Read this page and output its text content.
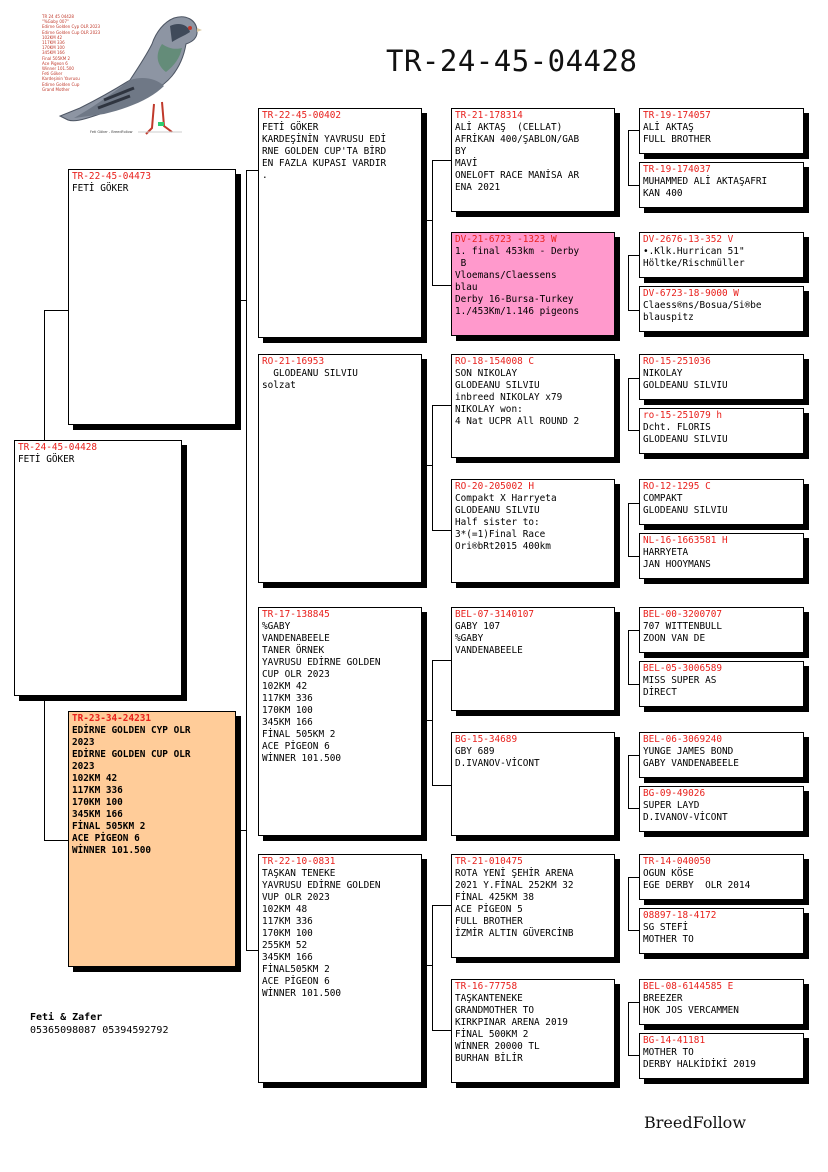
TR-24-45-04428
TR 24 45 04428
"%Gaby 007"
Edirne Golden Cyp OLR 2023
Edirne Golden Cup OLR 2023
102KM 42
117KM 336
170KM 100
345KM 166
Final 505KM 2
Ace Pigeon 6
Winner 101.500
Feti Göker
Kardeşinin Yavrusu
Edirne Golden Cup
Grand Mother
Feti Göker - BreedFollow
TR-24-45-04428
FETİ GÖKER
TR-22-45-04473
FETİ GÖKER
TR-23-34-24231
EDİRNE GOLDEN CYP OLR
2023
EDİRNE GOLDEN CUP OLR
2023
102KM 42
117KM 336
170KM 100
345KM 166
FİNAL 505KM 2
ACE PİGEON 6
WİNNER 101.500
TR-22-45-00402
FETİ GÖKER
KARDEŞİNİN YAVRUSU EDİ
RNE GOLDEN CUP'TA BİRD
EN FAZLA KUPASI VARDIR
.
RO-21-16953
GLODEANU SILVIU
solzat
TR-17-138845
%GABY
VANDENABEELE
TANER ÖRNEK
YAVRUSU EDİRNE GOLDEN
CUP OLR 2023
102KM 42
117KM 336
170KM 100
345KM 166
FİNAL 505KM 2
ACE PİGEON 6
WİNNER 101.500
TR-22-10-0831
TAŞKAN TENEKE
YAVRUSU EDİRNE GOLDEN
VUP OLR 2023
102KM 48
117KM 336
170KM 100
255KM 52
345KM 166
FİNAL505KM 2
ACE PİGEON 6
WİNNER 101.500
TR-21-178314
ALİ AKTAŞ  (CELLAT)
AFRİKAN 400/ŞABLON/GAB
BY
MAVİ
ONELOFT RACE MANİSA AR
ENA 2021
DV-21-6723 -1323 W
1. final 453km - Derby
B
Vloemans/Claessens
blau
Derby 16-Bursa-Turkey
1./453Km/1.146 pigeons
RO-18-154008 C
SON NIKOLAY
GLODEANU SILVIU
inbreed NIKOLAY x79
NIKOLAY won:
4 Nat UCPR All ROUND 2
RO-20-205002 H
Compakt X Harryeta
GLODEANU SILVIU
Half sister to:
3*(=1)Final Race
Ori®bRt2015 400km
BEL-07-3140107
GABY 107
%GABY
VANDENABEELE
BG-15-34689
GBY 689
D.IVANOV-VİCONT
TR-21-010475
ROTA YENİ ŞEHİR ARENA
2021 Y.FİNAL 252KM 32
FİNAL 425KM 38
ACE PİGEON 5
FULL BROTHER
İZMİR ALTIN GÜVERCİNB
TR-16-77758
TAŞKANTENEKE
GRANDMOTHER TO
KIRKPINAR ARENA 2019
FİNAL 500KM 2
WİNNER 20000 TL
BURHAN BİLİR
TR-19-174057
ALİ AKTAŞ
FULL BROTHER
TR-19-174037
MUHAMMED ALİ AKTAŞAFRI
KAN 400
DV-2676-13-352 V
•.Klk.Hurrican 51"
Höltke/Rischmüller
DV-6723-18-9000 W
Claess®ns/Bosua/Si®be
blauspitz
RO-15-251036
NIKOLAY
GOLDEANU SILVIU
ro-15-251079 h
Dcht. FLORIS
GLODEANU SILVIU
RO-12-1295 C
COMPAKT
GLODEANU SILVIU
NL-16-1663581 H
HARRYETA
JAN HOOYMANS
BEL-00-3200707
707 WITTENBULL
ZOON VAN DE
BEL-05-3006589
MISS SUPER AS
DİRECT
BEL-06-3069240
YUNGE JAMES BOND
GABY VANDENABEELE
BG-09-49026
SUPER LAYD
D.IVANOV-VİCONT
TR-14-040050
OGUN KÖSE
EGE DERBY  OLR 2014
08897-18-4172
SG STEFİ
MOTHER TO
BEL-08-6144585 E
BREEZER
HOK JOS VERCAMMEN
BG-14-41181
MOTHER TO
DERBY HALKİDİKİ 2019
Feti & Zafer
05365098087 05394592792
BreedFollow
